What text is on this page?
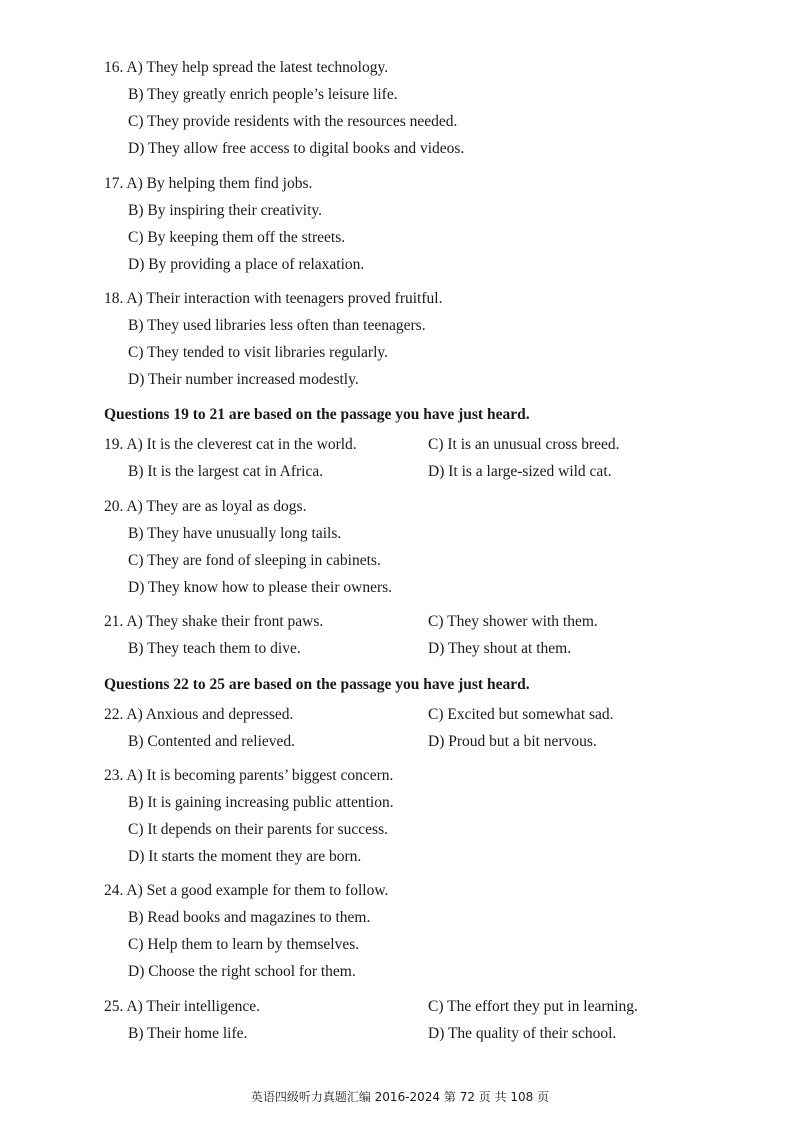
16. A) They help spread the latest technology.
B) They greatly enrich people’s leisure life.
C) They provide residents with the resources needed.
D) They allow free access to digital books and videos.
17. A) By helping them find jobs.
B) By inspiring their creativity.
C) By keeping them off the streets.
D) By providing a place of relaxation.
18. A) Their interaction with teenagers proved fruitful.
B) They used libraries less often than teenagers.
C) They tended to visit libraries regularly.
D) Their number increased modestly.
Questions 19 to 21 are based on the passage you have just heard.
19. A) It is the cleverest cat in the world.	C) It is an unusual cross breed.
B) It is the largest cat in Africa.	D) It is a large-sized wild cat.
20. A) They are as loyal as dogs.
B) They have unusually long tails.
C) They are fond of sleeping in cabinets.
D) They know how to please their owners.
21. A) They shake their front paws.	C) They shower with them.
B) They teach them to dive.	D) They shout at them.
Questions 22 to 25 are based on the passage you have just heard.
22. A) Anxious and depressed.	C) Excited but somewhat sad.
B) Contented and relieved.	D) Proud but a bit nervous.
23. A) It is becoming parents’ biggest concern.
B) It is gaining increasing public attention.
C) It depends on their parents for success.
D) It starts the moment they are born.
24. A) Set a good example for them to follow.
B) Read books and magazines to them.
C) Help them to learn by themselves.
D) Choose the right school for them.
25. A) Their intelligence.	C) The effort they put in learning.
B) Their home life.	D) The quality of their school.
英语四级听力真题汇编 2016-2024 第 72 页 共 108 页
